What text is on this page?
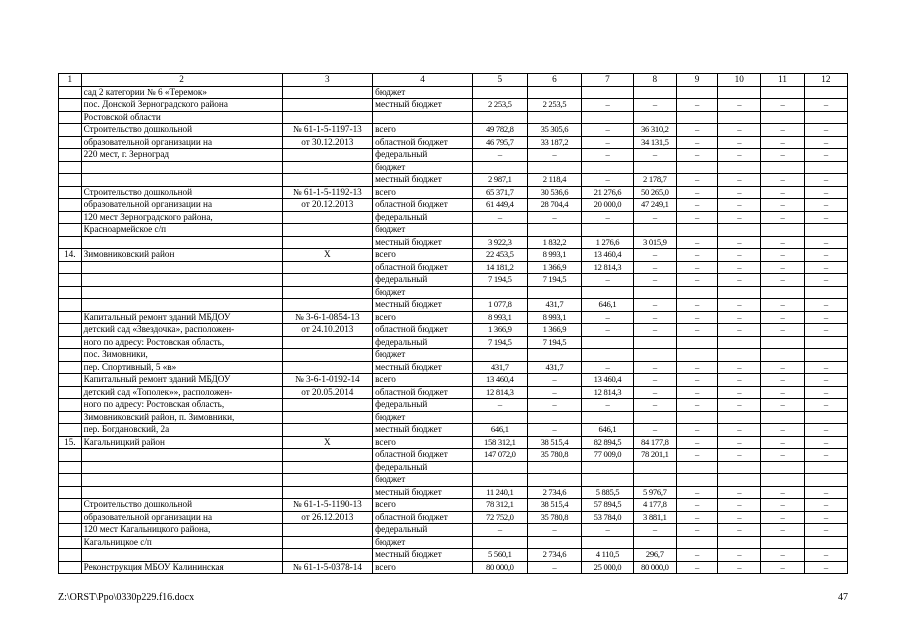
1	2	3	4	5	6	7	8	9	10	11	12
	сад 2 категории № 6 «Теремок»		бюджет								
	пос. Донской Зерноградского района		местный бюджет	2 253,5	2 253,5	–	–	–	–	–	–
	Ростовской области										
	Строительство дошкольной	№ 61-1-5-1197-13	всего	49 782,8	35 305,6	–	36 310,2	–	–	–	–
	образовательной организации на	от 30.12.2013	областной бюджет	46 795,7	33 187,2	–	34 131,5	–	–	–	–
	220 мест, г. Зерноград		федеральный	–	–	–	–	–	–	–	–
			бюджет								
			местный бюджет	2 987,1	2 118,4	–	2 178,7	–	–	–	–
	Строительство дошкольной	№ 61-1-5-1192-13	всего	65 371,7	30 536,6	21 276,6	50 265,0	–	–	–	–
	образовательной организации на	от 20.12.2013	областной бюджет	61 449,4	28 704,4	20 000,0	47 249,1	–	–	–	–
	120 мест Зерноградского района,		федеральный	–	–	–	–	–	–	–	–
	Красноармейское с/п		бюджет								
			местный бюджет	3 922,3	1 832,2	1 276,6	3 015,9	–	–	–	–
14.	Зимовниковский район	Х	всего	22 453,5	8 993,1	13 460,4	–	–	–	–	–
			областной бюджет	14 181,2	1 366,9	12 814,3	–	–	–	–	–
			федеральный	7 194,5	7 194,5	–	–	–	–	–	–
			бюджет								
			местный бюджет	1 077,8	431,7	646,1	–	–	–	–	–
	Капитальный ремонт зданий МБДОУ	№ 3-6-1-0854-13	всего	8 993,1	8 993,1	–	–	–	–	–	–
	детский сад «Звездочка», расположен-	от 24.10.2013	областной бюджет	1 366,9	1 366,9	–	–	–	–	–	–
	ного по адресу: Ростовская область,		федеральный	7 194,5	7 194,5						
	пос. Зимовники,		бюджет								
	пер. Спортивный, 5 «в»		местный бюджет	431,7	431,7	–	–	–	–	–	–
	Капитальный ремонт зданий МБДОУ	№ 3-6-1-0192-14	всего	13 460,4	–	13 460,4	–	–	–	–	–
	детский сад «Тополек»», расположен-	от 20.05.2014	областной бюджет	12 814,3	–	12 814,3	–	–	–	–	–
	ного по адресу: Ростовская область,		федеральный	–	–	–	–	–	–	–	–
	Зимовниковский район, п. Зимовники,		бюджет								
	пер. Богдановский, 2а		местный бюджет	646,1	–	646,1	–	–	–	–	–
15.	Кагальницкий район	Х	всего	158 312,1	38 515,4	82 894,5	84 177,8	–	–	–	–
			областной бюджет	147 072,0	35 780,8	77 009,0	78 201,1	–	–	–	–
			федеральный								
			бюджет								
			местный бюджет	11 240,1	2 734,6	5 885,5	5 976,7	–	–	–	–
	Строительство дошкольной	№ 61-1-5-1190-13	всего	78 312,1	38 515,4	57 894,5	4 177,8	–	–	–	–
	образовательной организации на	от 26.12.2013	областной бюджет	72 752,0	35 780,8	53 784,0	3 881,1	–	–	–	–
	120 мест Кагальницкого района,		федеральный	–	–	–	–	–	–	–	–
	Кагальницкое с/п		бюджет								
			местный бюджет	5 560,1	2 734,6	4 110,5	296,7	–	–	–	–
	Реконструкция МБОУ Калининская	№ 61-1-5-0378-14	всего	80 000,0	–	25 000,0	80 000,0	–	–	–	–
Z:\ORST\Ppo\0330p229.f16.docx	47
